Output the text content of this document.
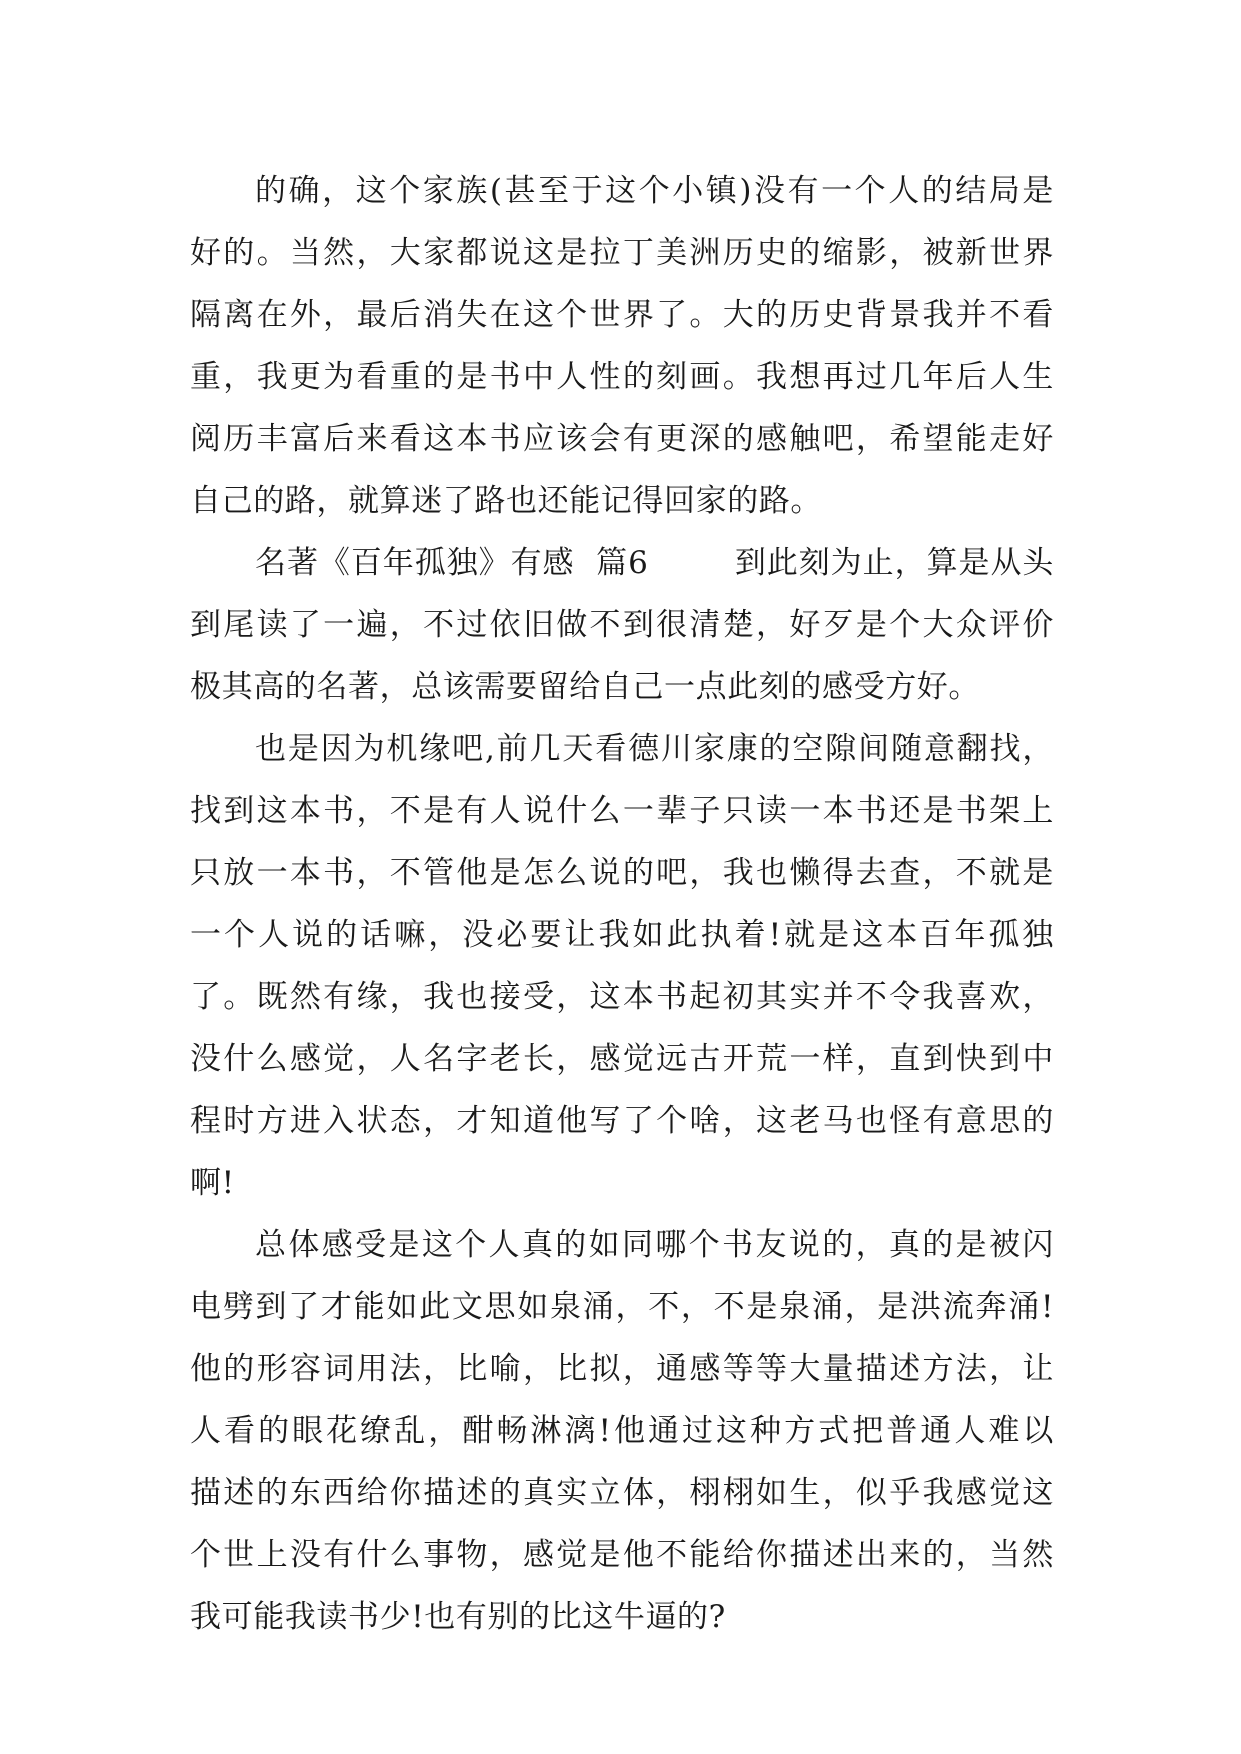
的确，这个家族(甚至于这个小镇)没有一个人的结局是
好的。当然，大家都说这是拉丁美洲历史的缩影，被新世界
隔离在外，最后消失在这个世界了。大的历史背景我并不看
重，我更为看重的是书中人性的刻画。我想再过几年后人生
阅历丰富后来看这本书应该会有更深的感触吧，希望能走好
自己的路，就算迷了路也还能记得回家的路。
名著《百年孤独》有感  篇6        到此刻为止，算是从头
到尾读了一遍，不过依旧做不到很清楚，好歹是个大众评价
极其高的名著，总该需要留给自己一点此刻的感受方好。
也是因为机缘吧,前几天看德川家康的空隙间随意翻找，
找到这本书，不是有人说什么一辈子只读一本书还是书架上
只放一本书，不管他是怎么说的吧，我也懒得去查，不就是
一个人说的话嘛，没必要让我如此执着!就是这本百年孤独
了。既然有缘，我也接受，这本书起初其实并不令我喜欢，
没什么感觉，人名字老长，感觉远古开荒一样，直到快到中
程时方进入状态，才知道他写了个啥，这老马也怪有意思的
啊!
总体感受是这个人真的如同哪个书友说的，真的是被闪
电劈到了才能如此文思如泉涌，不，不是泉涌，是洪流奔涌!
他的形容词用法，比喻，比拟，通感等等大量描述方法，让
人看的眼花缭乱，酣畅淋漓!他通过这种方式把普通人难以
描述的东西给你描述的真实立体，栩栩如生，似乎我感觉这
个世上没有什么事物，感觉是他不能给你描述出来的，当然
我可能我读书少!也有别的比这牛逼的?
